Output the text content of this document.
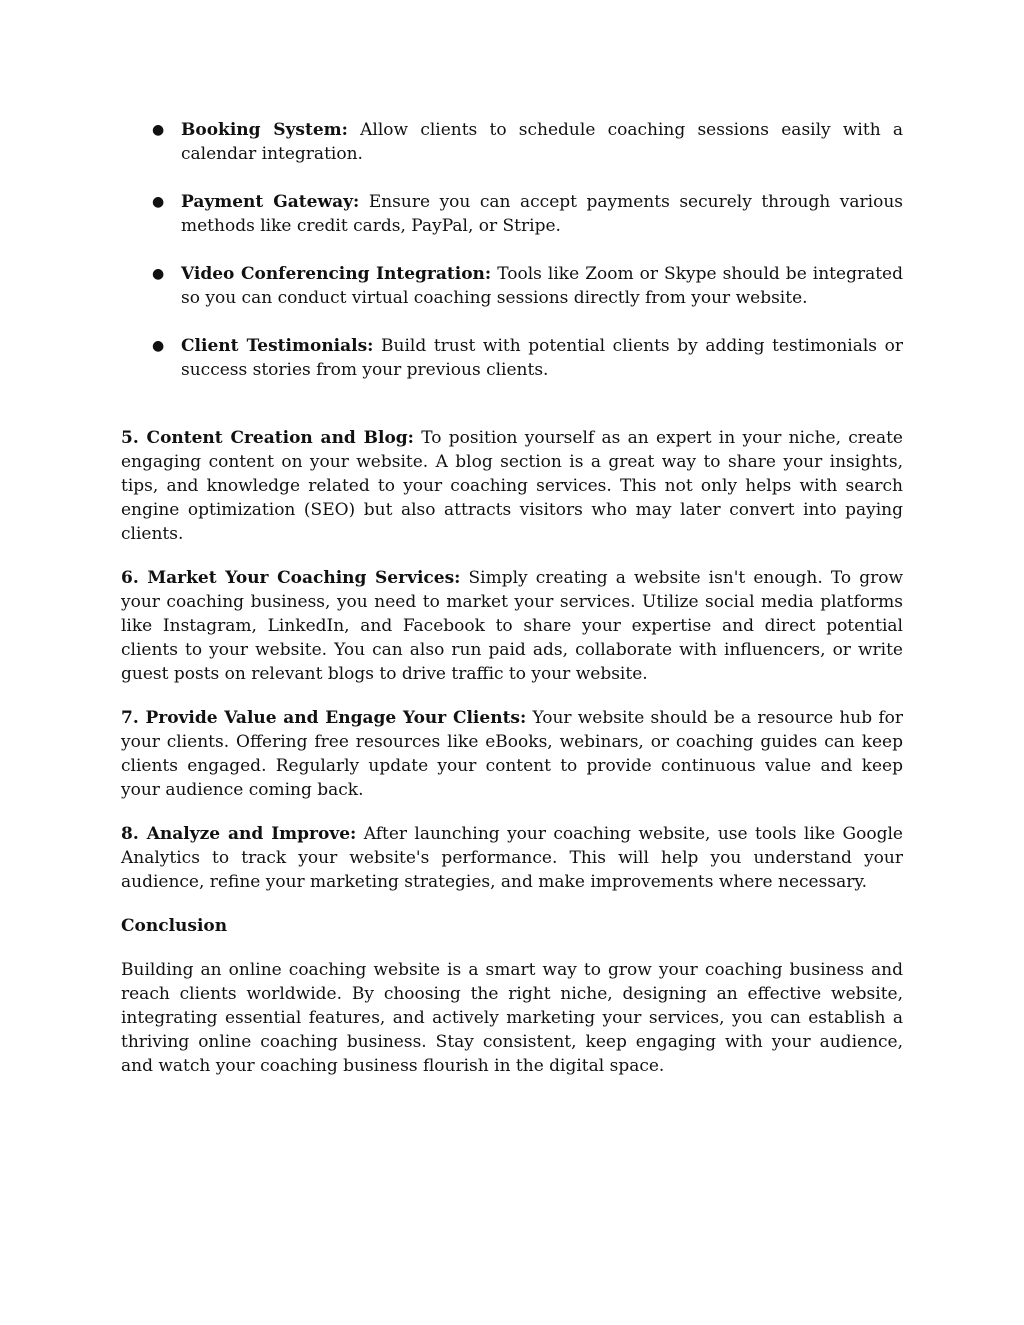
● Booking System: Allow clients to schedule coaching sessions easily with a calendar integration.
● Payment Gateway: Ensure you can accept payments securely through various methods like credit cards, PayPal, or Stripe.
● Video Conferencing Integration: Tools like Zoom or Skype should be integrated so you can conduct virtual coaching sessions directly from your website.
● Client Testimonials: Build trust with potential clients by adding testimonials or success stories from your previous clients.

5. Content Creation and Blog: To position yourself as an expert in your niche, create engaging content on your website. A blog section is a great way to share your insights, tips, and knowledge related to your coaching services. This not only helps with search engine optimization (SEO) but also attracts visitors who may later convert into paying clients.

6. Market Your Coaching Services: Simply creating a website isn't enough. To grow your coaching business, you need to market your services. Utilize social media platforms like Instagram, LinkedIn, and Facebook to share your expertise and direct potential clients to your website. You can also run paid ads, collaborate with influencers, or write guest posts on relevant blogs to drive traffic to your website.

7. Provide Value and Engage Your Clients: Your website should be a resource hub for your clients. Offering free resources like eBooks, webinars, or coaching guides can keep clients engaged. Regularly update your content to provide continuous value and keep your audience coming back.

8. Analyze and Improve: After launching your coaching website, use tools like Google Analytics to track your website's performance. This will help you understand your audience, refine your marketing strategies, and make improvements where necessary.

Conclusion

Building an online coaching website is a smart way to grow your coaching business and reach clients worldwide. By choosing the right niche, designing an effective website, integrating essential features, and actively marketing your services, you can establish a thriving online coaching business. Stay consistent, keep engaging with your audience, and watch your coaching business flourish in the digital space.
